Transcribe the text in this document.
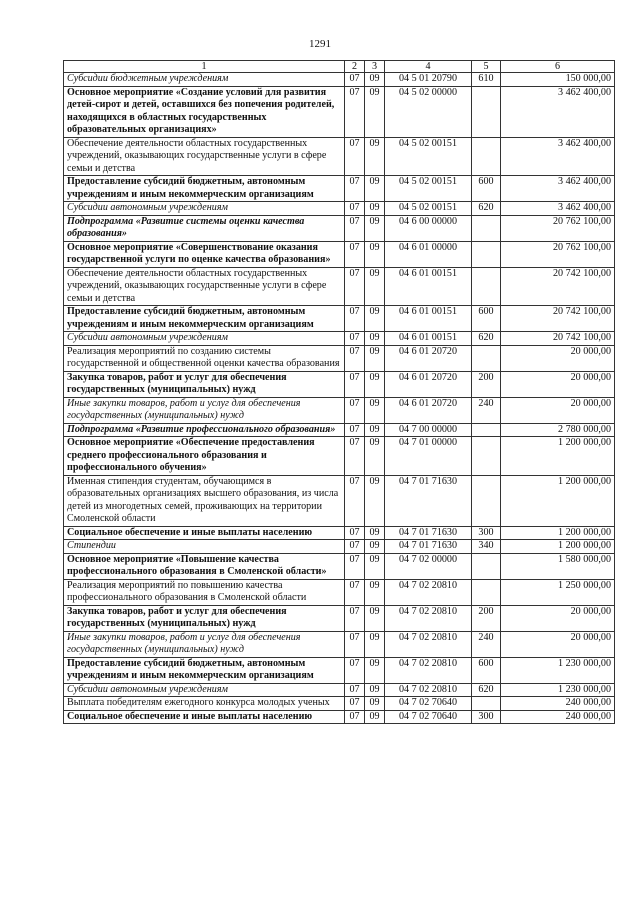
1291
1	2	3	4	5	6
Субсидии бюджетным учреждениям	07	09	04 5 01 20790	610	150 000,00
Основное мероприятие «Создание условий для развития детей-сирот и детей, оставшихся без попечения родителей, находящихся в областных государственных образовательных организациях»	07	09	04 5 02 00000		3 462 400,00
Обеспечение деятельности областных государственных учреждений, оказывающих государственные услуги в сфере семьи и детства	07	09	04 5 02 00151		3 462 400,00
Предоставление субсидий бюджетным, автономным учреждениям и иным некоммерческим организациям	07	09	04 5 02 00151	600	3 462 400,00
Субсидии автономным учреждениям	07	09	04 5 02 00151	620	3 462 400,00
Подпрограмма «Развитие системы оценки качества образования»	07	09	04 6 00 00000		20 762 100,00
Основное мероприятие «Совершенствование оказания государственной услуги по оценке качества образования»	07	09	04 6 01 00000		20 762 100,00
Обеспечение деятельности областных государственных учреждений, оказывающих государственные услуги в сфере семьи и детства	07	09	04 6 01 00151		20 742 100,00
Предоставление субсидий бюджетным, автономным учреждениям и иным некоммерческим организациям	07	09	04 6 01 00151	600	20 742 100,00
Субсидии автономным учреждениям	07	09	04 6 01 00151	620	20 742 100,00
Реализация мероприятий по созданию системы государственной и общественной оценки качества образования	07	09	04 6 01 20720		20 000,00
Закупка товаров, работ и услуг для обеспечения государственных (муниципальных) нужд	07	09	04 6 01 20720	200	20 000,00
Иные закупки товаров, работ и услуг для обеспечения государственных (муниципальных) нужд	07	09	04 6 01 20720	240	20 000,00
Подпрограмма «Развитие профессионального образования»	07	09	04 7 00 00000		2 780 000,00
Основное мероприятие «Обеспечение предоставления среднего профессионального образования и профессионального обучения»	07	09	04 7 01 00000		1 200 000,00
Именная стипендия студентам, обучающимся в образовательных организациях высшего образования, из числа детей из многодетных семей, проживающих на территории Смоленской области	07	09	04 7 01 71630		1 200 000,00
Социальное обеспечение и иные выплаты населению	07	09	04 7 01 71630	300	1 200 000,00
Стипендии	07	09	04 7 01 71630	340	1 200 000,00
Основное мероприятие «Повышение качества профессионального образования в Смоленской области»	07	09	04 7 02 00000		1 580 000,00
Реализация мероприятий по повышению качества профессионального образования в Смоленской области	07	09	04 7 02 20810		1 250 000,00
Закупка товаров, работ и услуг для обеспечения государственных (муниципальных) нужд	07	09	04 7 02 20810	200	20 000,00
Иные закупки товаров, работ и услуг для обеспечения государственных (муниципальных) нужд	07	09	04 7 02 20810	240	20 000,00
Предоставление субсидий бюджетным, автономным учреждениям и иным некоммерческим организациям	07	09	04 7 02 20810	600	1 230 000,00
Субсидии автономным учреждениям	07	09	04 7 02 20810	620	1 230 000,00
Выплата победителям ежегодного конкурса молодых ученых	07	09	04 7 02 70640		240 000,00
Социальное обеспечение и иные выплаты населению	07	09	04 7 02 70640	300	240 000,00
